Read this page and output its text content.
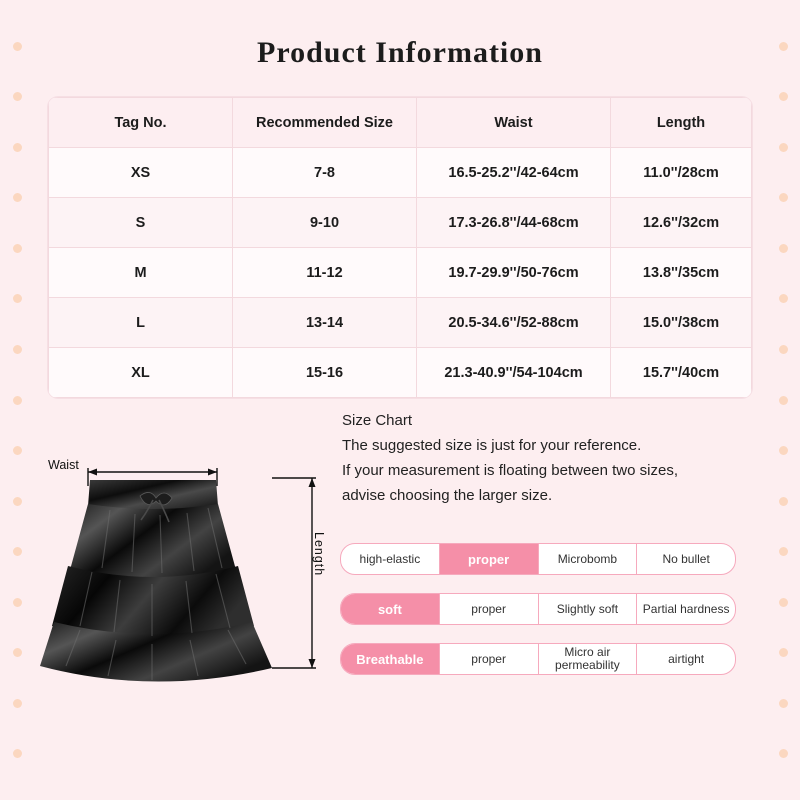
Product Information
Tag No.	Recommended Size	Waist	Length
XS	7-8	16.5-25.2''/42-64cm	11.0''/28cm
S	9-10	17.3-26.8''/44-68cm	12.6''/32cm
M	11-12	19.7-29.9''/50-76cm	13.8''/35cm
L	13-14	20.5-34.6''/52-88cm	15.0''/38cm
XL	15-16	21.3-40.9''/54-104cm	15.7''/40cm
Size Chart
The suggested size is just for your reference.
If your measurement is floating between two sizes,
advise choosing the larger size.
high-elastic	proper	Microbomb	No bullet
soft	proper	Slightly soft	Partial hardness
Breathable	proper	Micro air permeability	airtight
Waist
Length
